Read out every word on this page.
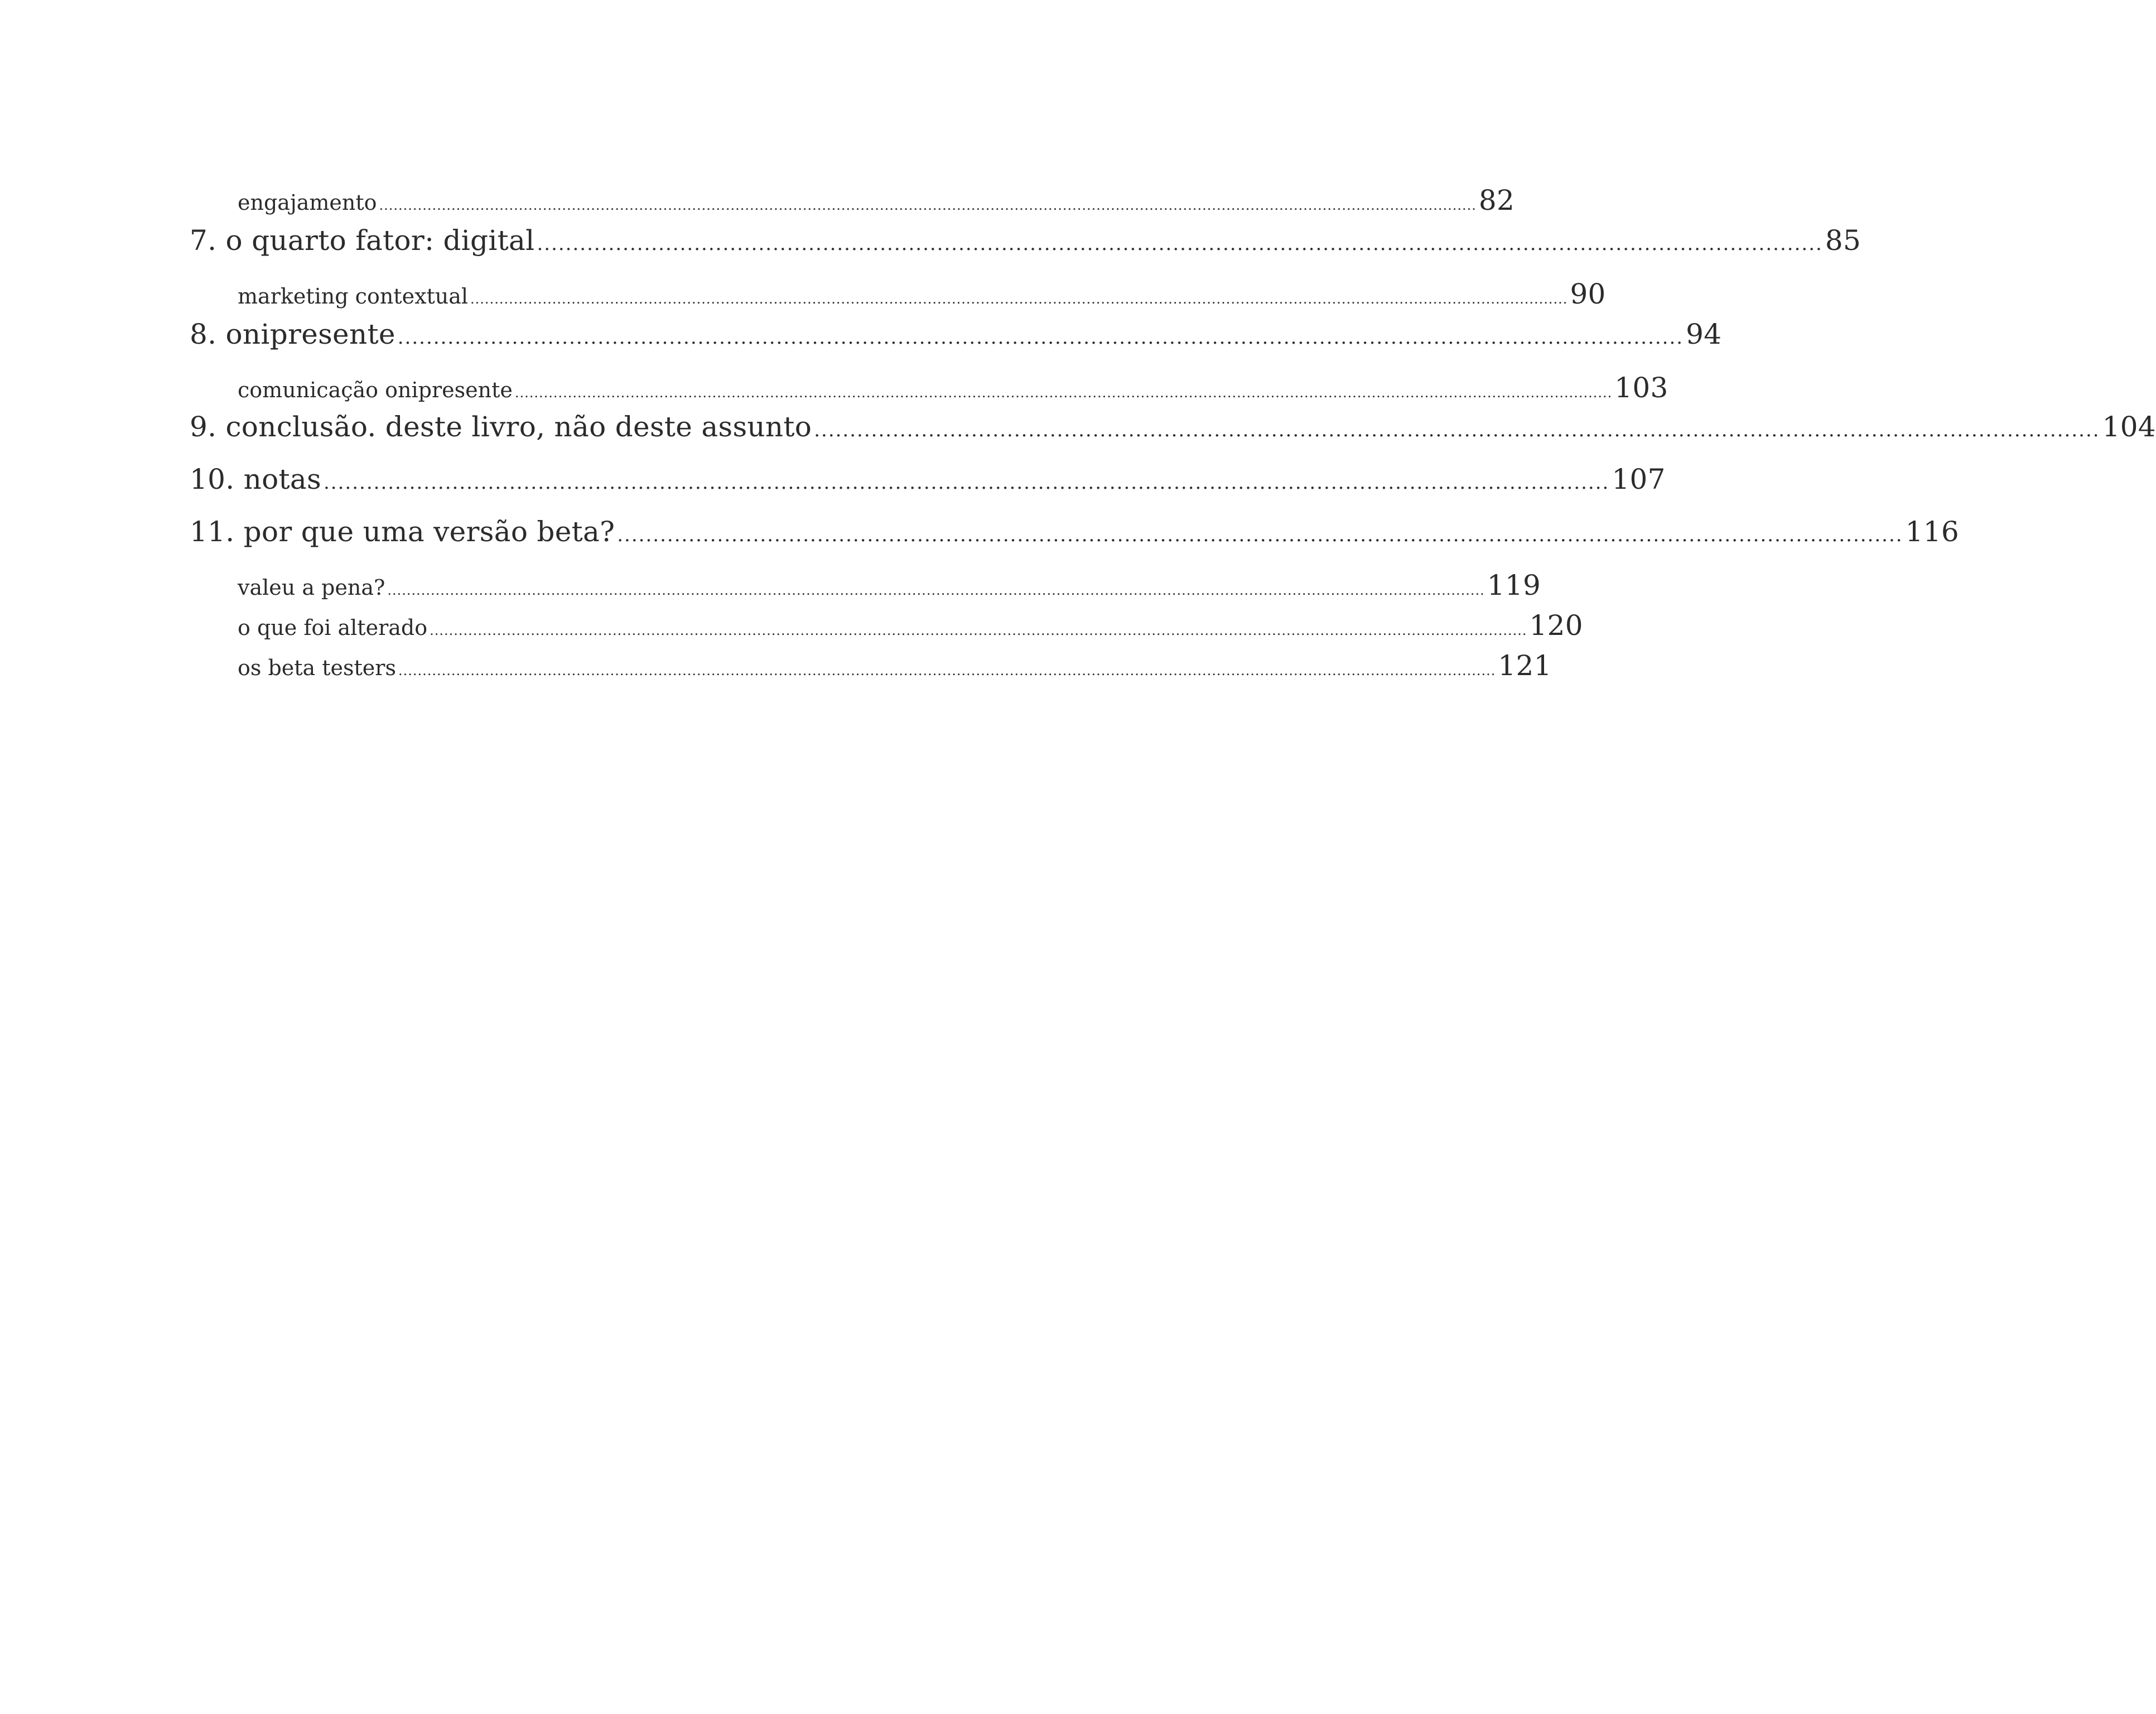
engajamento .................................................................................................................................................................................................................................... 82
7. o quarto fator: digital .................................................................................................................................................................................... 85
marketing contextual .................................................................................................................................................................................................................................... 90
8. onipresente .................................................................................................................................................................................... 94
comunicação onipresente .................................................................................................................................................................................................................................... 103
9. conclusão. deste livro, não deste assunto .................................................................................................................................................................................... 104
10. notas .................................................................................................................................................................................... 107
11. por que uma versão beta? .................................................................................................................................................................................... 116
valeu a pena? .................................................................................................................................................................................................................................... 119
o que foi alterado .................................................................................................................................................................................................................................... 120
os beta testers .................................................................................................................................................................................................................................... 121
